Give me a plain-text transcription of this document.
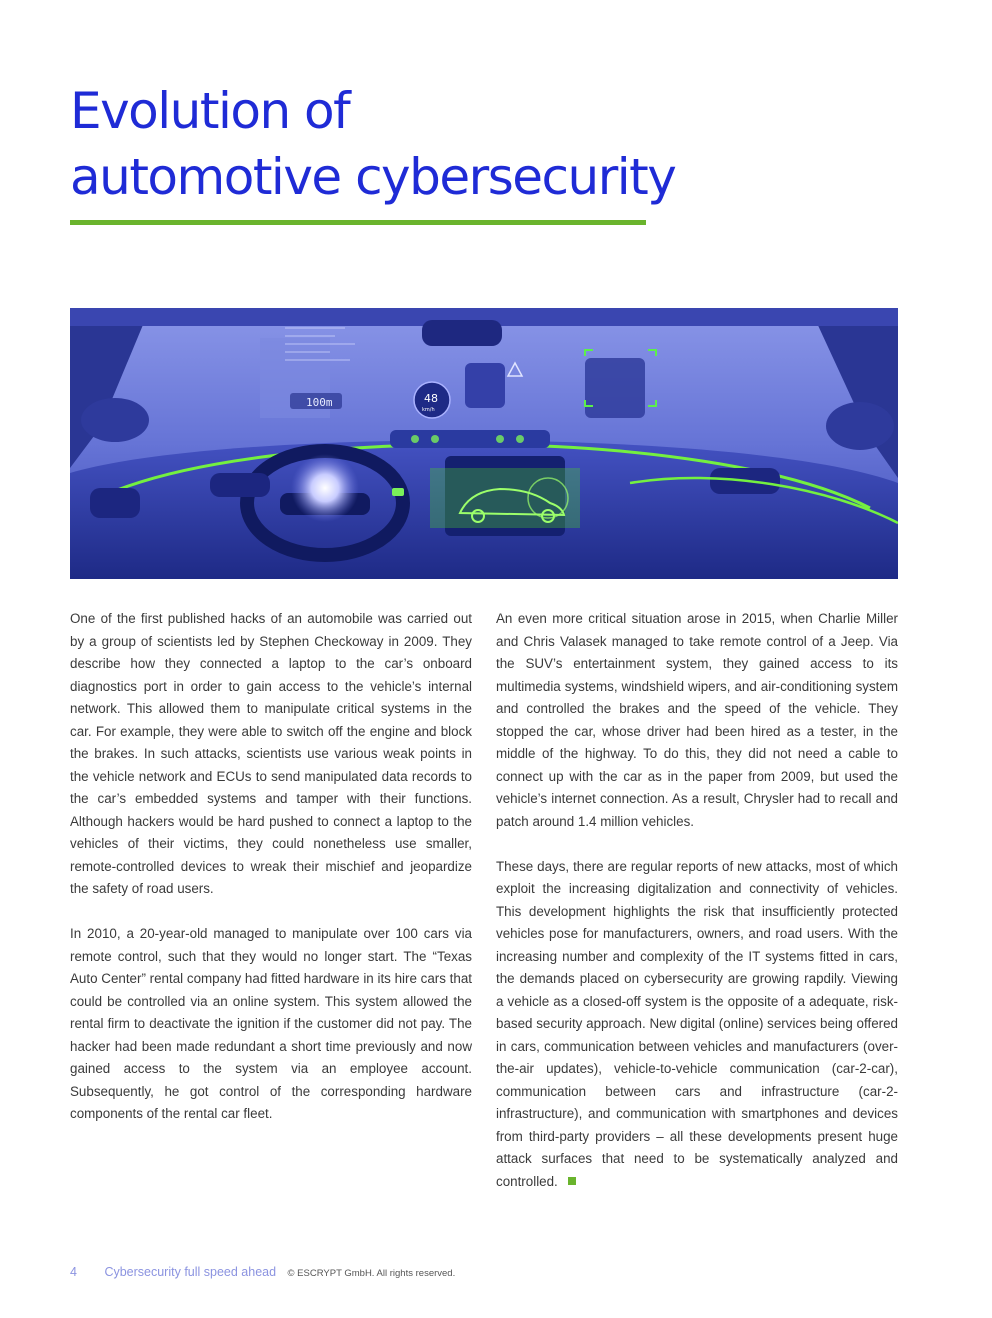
Evolution of
automotive cybersecurity
100m	48
km/h

One of the first published hacks of an automobile was carried out by a group of scientists led by Stephen Checkoway in 2009. They describe how they connected a laptop to the car’s onboard diagnostics port in order to gain access to the vehicle’s internal network. This allowed them to manipulate critical systems in the car. For example, they were able to switch off the engine and block the brakes. In such attacks, scientists use various weak points in the vehicle network and ECUs to send manipulated data records to the car’s embedded systems and tamper with their functions. Although hackers would be hard pushed to connect a laptop to the vehicles of their victims, they could nonetheless use smaller, remote-controlled devices to wreak their mischief and jeopardize the safety of road users.

In 2010, a 20-year-old managed to manipulate over 100 cars via remote control, such that they would no longer start. The “Texas Auto Center” rental company had fitted hardware in its hire cars that could be controlled via an online system. This system allowed the rental firm to deactivate the ignition if the customer did not pay. The hacker had been made redundant a short time previously and now gained access to the system via an employee account. Subsequently, he got control of the corresponding hardware components of the rental car fleet.

An even more critical situation arose in 2015, when Charlie Miller and Chris Valasek managed to take remote control of a Jeep. Via the SUV’s entertainment system, they gained access to its multimedia systems, windshield wipers, and air-conditioning system and controlled the brakes and the speed of the vehicle. They stopped the car, whose driver had been hired as a tester, in the middle of the highway. To do this, they did not need a cable to connect up with the car as in the paper from 2009, but used the vehicle’s internet connection. As a result, Chrysler had to recall and patch around 1.4 million vehicles.

These days, there are regular reports of new attacks, most of which exploit the increasing digitalization and connectivity of vehicles. This development highlights the risk that insufficiently protected vehicles pose for manufacturers, owners, and road users. With the increasing number and complexity of the IT systems fitted in cars, the demands placed on cybersecurity are growing rapdily. Viewing a vehicle as a closed-off system is the opposite of a adequate, risk-based security approach. New digital (online) services being offered in cars, communication between vehicles and manufacturers (over-the-air updates), vehicle-to-vehicle communication (car-2-car), communication between cars and infrastructure (car-2-infrastructure), and communication with smartphones and devices from third-party providers – all these developments present huge attack surfaces that need to be systematically analyzed and controlled.

4 Cybersecurity full speed ahead © ESCRYPT GmbH. All rights reserved.
